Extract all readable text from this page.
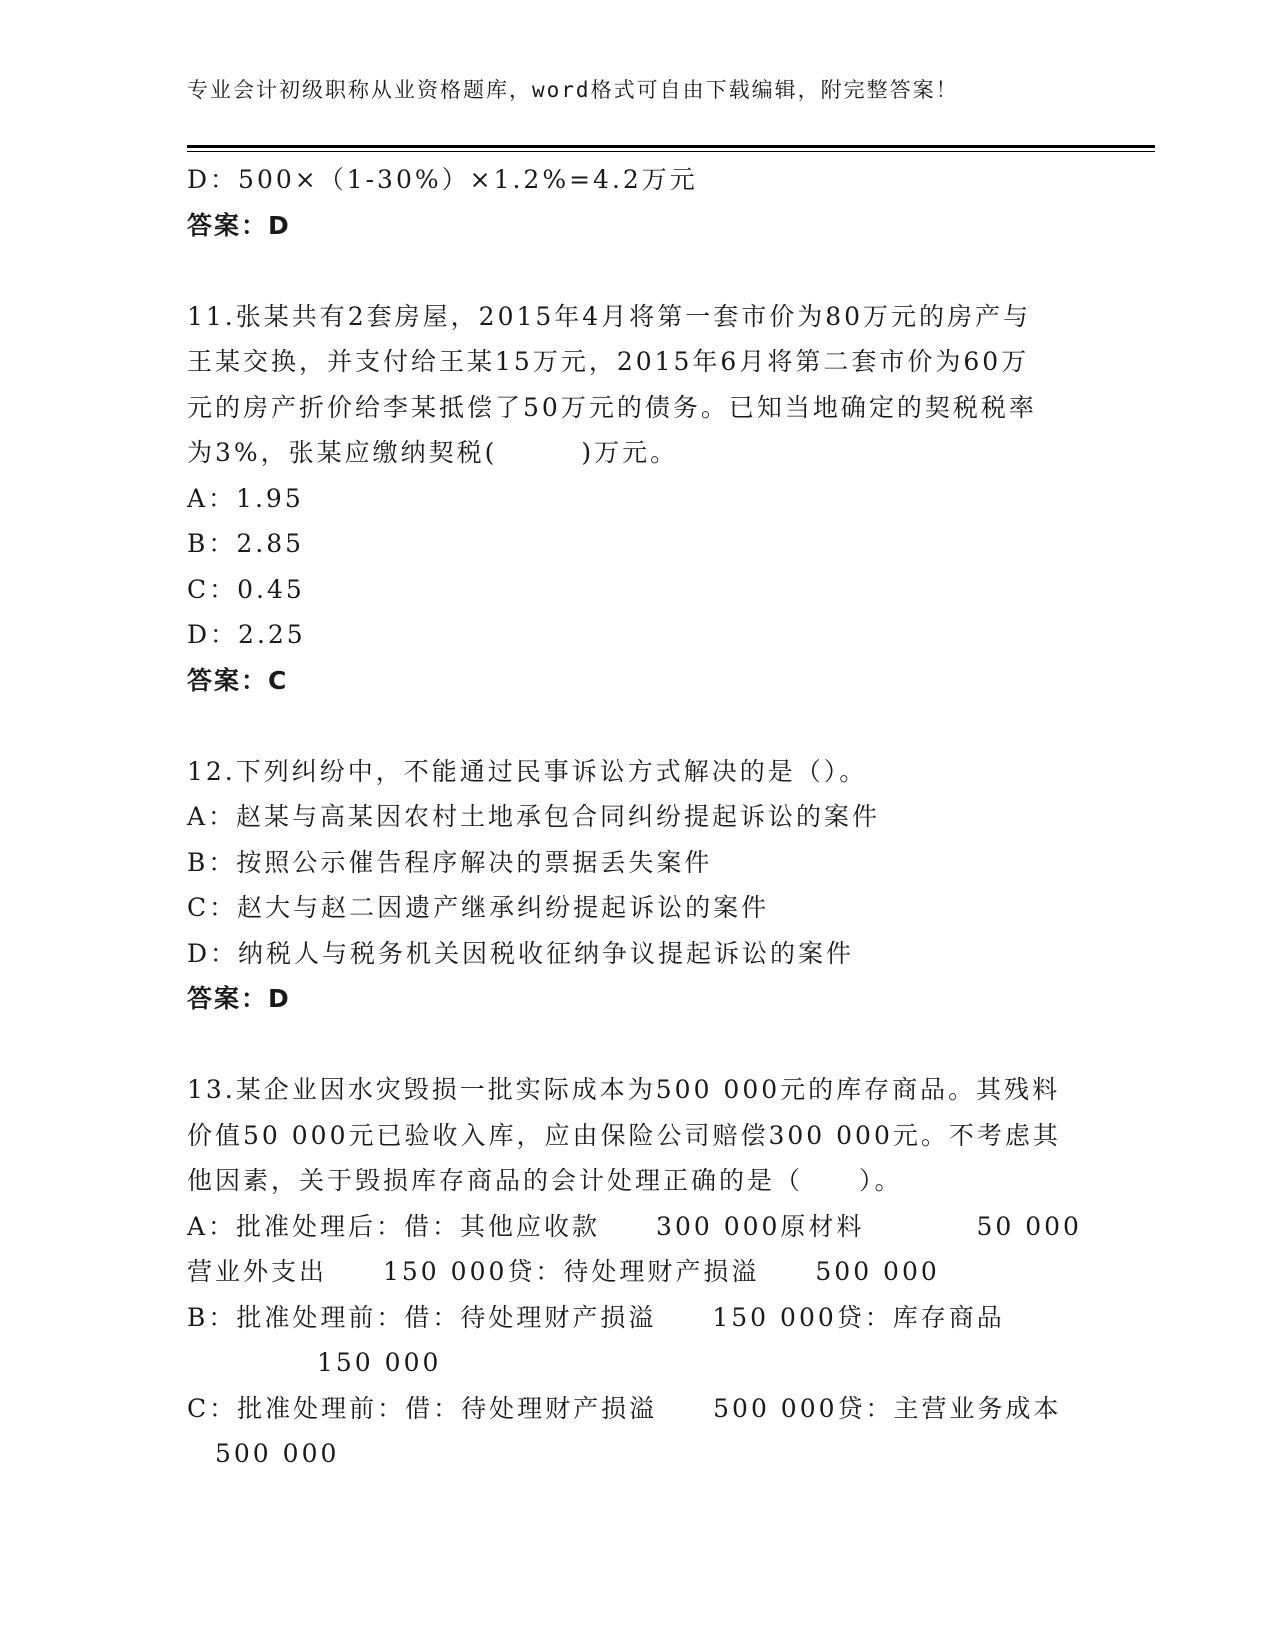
专业会计初级职称从业资格题库，word格式可自由下载编辑，附完整答案！
D：500×（1-30%）×1.2%=4.2万元
答案：D
11.张某共有2套房屋，2015年4月将第一套市价为80万元的房产与
王某交换，并支付给王某15万元，2015年6月将第二套市价为60万
元的房产折价给李某抵偿了50万元的债务。已知当地确定的契税税率
为3%，张某应缴纳契税(　　　)万元。
A：1.95
B：2.85
C：0.45
D：2.25
答案：C
12.下列纠纷中，不能通过民事诉讼方式解决的是（）。
A：赵某与高某因农村土地承包合同纠纷提起诉讼的案件
B：按照公示催告程序解决的票据丢失案件
C：赵大与赵二因遗产继承纠纷提起诉讼的案件
D：纳税人与税务机关因税收征纳争议提起诉讼的案件
答案：D
13.某企业因水灾毁损一批实际成本为500 000元的库存商品。其残料
价值50 000元已验收入库，应由保险公司赔偿300 000元。不考虑其
他因素，关于毁损库存商品的会计处理正确的是（　　）。
A：批准处理后：借：其他应收款　　300 000原材料　　　　50 000
营业外支出　　150 000贷：待处理财产损溢　　500 000
B：批准处理前：借：待处理财产损溢　　150 000贷：库存商品
150 000
C：批准处理前：借：待处理财产损溢　　500 000贷：主营业务成本
500 000
